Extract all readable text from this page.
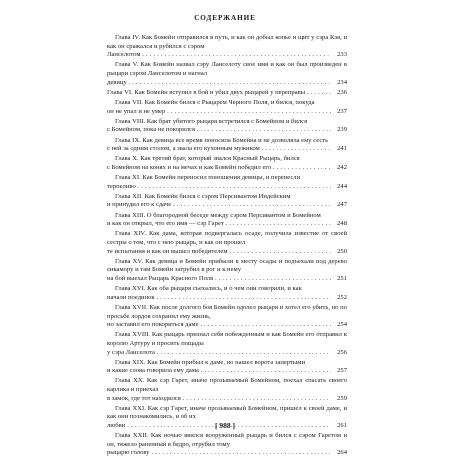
СОДЕРЖАНИЕ
Глава IV. Как Бомейн отправился в путь, и как он добыл копье и щит у сэра Кэя, и как он сражался и рубился с сэром
Ланселотом . . .	233
Глава V. Как Бомейн назвал сэру Ланселоту свое имя и как он был произведен в рыцари сэром Ланселотом и нагнал
девицу . . .	234
Глава VI. Как Бомейн вступил в бой и убил двух рыцарей у переправы . . .	236
Глава VII. Как Бомейн бился с Рыцарем Черного Поля, и бился, покуда
он не упал и не умер . . .	237
Глава VIII. Как брат убитого рыцаря встретился с Бомейном и бился
с Бомейном, пока не покорился . . .	239
Глава IX. Как девица все время поносила Бомейна и не дозволяла ему сесть
с ней за одним столом, а звала его кухонным мужиком . . .	241
Глава X. Как третий брат, который звался Красный Рыцарь, бился
с Бомейном на конях и на мечах и как Бомейн победил его . . .	242
Глава XI. Как Бомейн переносил поношения девицы, и перенесли
терпеливо . . .	244
Глава XII. Как Бомейн бился с сэром Персивантом Индейским
и принудил его к сдаче . . .	247
Глава XIII. О благородной беседе между сэром Персивантом и Бомейном
и как он открыл, что его имя — сэр Гарет . . .	248
Глава XIV. Как дама, которая подвергалась осаде, получила известие от своей сестры о том, что с нею рыцарь, и как он прошел
те испытания и как он вышел победителем . . .	250
Глава XV. Как девица и Бомейн прибыли к месту осады и подъехали под дерево сикамору и там Бомейн затрубил в рог и к нему
на бой выехал Рыцарь Красного Поля . . .	251
Глава XVI. Как оба рыцаря съехались, и о чем они говорили, и как
начали поединок . . .	252
Глава XVII. Как после долгого боя Бомейн одолел рыцаря и хотел его убить, но по просьбе лордов сохранил ему жизнь,
но заставил его покориться даме . . .	254
Глава XVIII. Как рыцарь признал себя побежденным и как Бомейн его отправил к королю Артуру и просить пощады
у сэра Ланселота . . .	256
Глава XIX. Как Бомейн прибыл к даме, но нашел ворота запертыми
и какие слова говорила ему дама . . .	257
Глава XX. Как сэр Гарет, иначе прозываемый Бомейном, поехал спасать своего карлика и приехал
в замок, где тот находился . . .	259
Глава XXI. Как сэр Гарет, иначе прозываемый Бомейном, пришел к своей даме, и как они познакомились, и об их
любви . . .	261
Глава XXII. Как ночью явился вооруженный рыцарь и бился с сэром Гаретом и он, тяжело раненный в бедро, отрубил тому
рыцарю голову . . .	264
[ 988 ]
